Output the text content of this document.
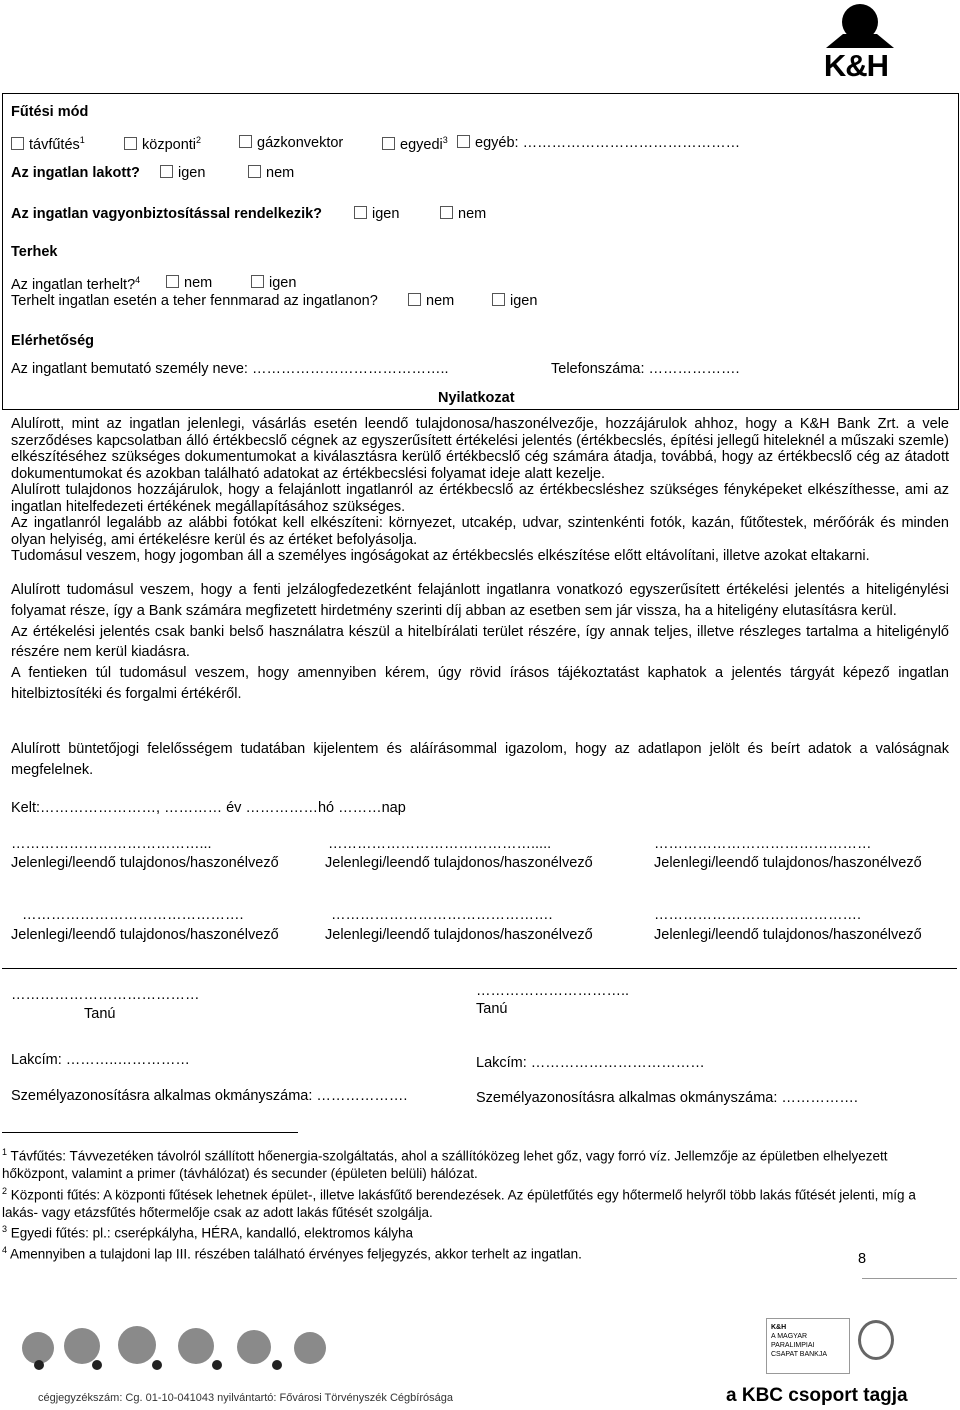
K&H
Fűtési mód
távfűtés$^1$	központi$^2$	gázkonvektor	egyedi$^3$	egyéb: ………………………………………
Az ingatlan lakott?	igen	nem
Az ingatlan vagyonbiztosítással rendelkezik?	igen	nem
Terhek
Az ingatlan terhelt?$^4$	nem	igen
Terhelt ingatlan esetén a teher fennmarad az ingatlanon?	nem	igen
Elérhetőség
Az ingatlant bemutató személy neve: …………………………………..	Telefonszáma: ……………….
Nyilatkozat

Alulírott, mint az ingatlan jelenlegi, vásárlás esetén leendő tulajdonosa/haszonélvezője, hozzájárulok ahhoz, hogy a K&H Bank Zrt. a vele szerződéses kapcsolatban álló értékbecslő cégnek az egyszerűsített értékelési jelentés (értékbecslés, építési jellegű hiteleknél a műszaki szemle) elkészítéséhez szükséges dokumentumokat a kiválasztásra kerülő értékbecslő cég számára átadja, továbbá, hogy az értékbecslő cég az átadott dokumentumokat és azokban található adatokat az értékbecslési folyamat ideje alatt kezelje.

Alulírott tulajdonos hozzájárulok, hogy a felajánlott ingatlanról az értékbecslő az értékbecsléshez szükséges fényképeket elkészíthesse, ami az ingatlan hitelfedezeti értékének megállapításához szükséges.

Az ingatlanról legalább az alábbi fotókat kell elkészíteni: környezet, utcakép, udvar, szintenkénti fotók, kazán, fűtőtestek, mérőórák és minden olyan helyiség, ami értékelésre kerül és az értéket befolyásolja.

Tudomásul veszem, hogy jogomban áll a személyes ingóságokat az értékbecslés elkészítése előtt eltávolítani, illetve azokat eltakarni.

Alulírott tudomásul veszem, hogy a fenti jelzálogfedezetként felajánlott ingatlanra vonatkozó egyszerűsített értékelési jelentés a hiteligénylési folyamat része, így a Bank számára megfizetett hirdetmény szerinti díj abban az esetben sem jár vissza, ha a hiteligény elutasításra kerül.

Az értékelési jelentés csak banki belső használatra készül a hitelbírálati terület részére, így annak teljes, illetve részleges tartalma a hiteligénylő részére nem kerül kiadásra.

A fentieken túl tudomásul veszem, hogy amennyiben kérem, úgy rövid írásos tájékoztatást kaphatok a jelentés tárgyát képező ingatlan hitelbiztosítéki és forgalmi értékéről.

Alulírott büntetőjogi felelősségem tudatában kijelentem és aláírásommal igazolom, hogy az adatlapon jelölt és beírt adatok a valóságnak megfelelnek.

Kelt:……………………, ………… év ……………hó ………nap
…………………………………...	…………………………………….....	………………………………………
Jelenlegi/leendő tulajdonos/haszonélvező	Jelenlegi/leendő tulajdonos/haszonélvező	Jelenlegi/leendő tulajdonos/haszonélvező
……………………………………….	……………………………………….	…………………………………….
Jelenlegi/leendő tulajdonos/haszonélvező	Jelenlegi/leendő tulajdonos/haszonélvező	Jelenlegi/leendő tulajdonos/haszonélvező
…………………………………
Tanú
…………………………..
Tanú
Lakcím: ………..……………	Lakcím: ………………………………
Személyazonosításra alkalmas okmányszáma: ……………….	Személyazonosításra alkalmas okmányszáma: …………….

$^1$ Távfűtés: Távvezetéken távolról szállított hőenergia-szolgáltatás, ahol a szállítóközeg lehet gőz, vagy forró víz. Jellemzője az épületben elhelyezett hőközpont, valamint a primer (távhálózat) és secunder (épületen belüli) hálózat.

$^2$ Központi fűtés: A központi fűtések lehetnek épület-, illetve lakásfűtő berendezések. Az épületfűtés egy hőtermelő helyről több lakás fűtését jelenti, míg a lakás- vagy etázsfűtés hőtermelője csak az adott lakás fűtését szolgálja.

$^3$ Egyedi fűtés: pl.: cserépkályha, HÉRA, kandalló, elektromos kályha

$^4$ Amennyiben a tulajdoni lap III. részében található érvényes feljegyzés, akkor terhelt az ingatlan.	8
K&H
A MAGYAR
PARALIMPIAI
CSAPAT BANKJA
cégjegyzékszám: Cg. 01-10-041043 nyilvántartó: Fővárosi Törvényszék Cégbírósága	a KBC csoport tagja
